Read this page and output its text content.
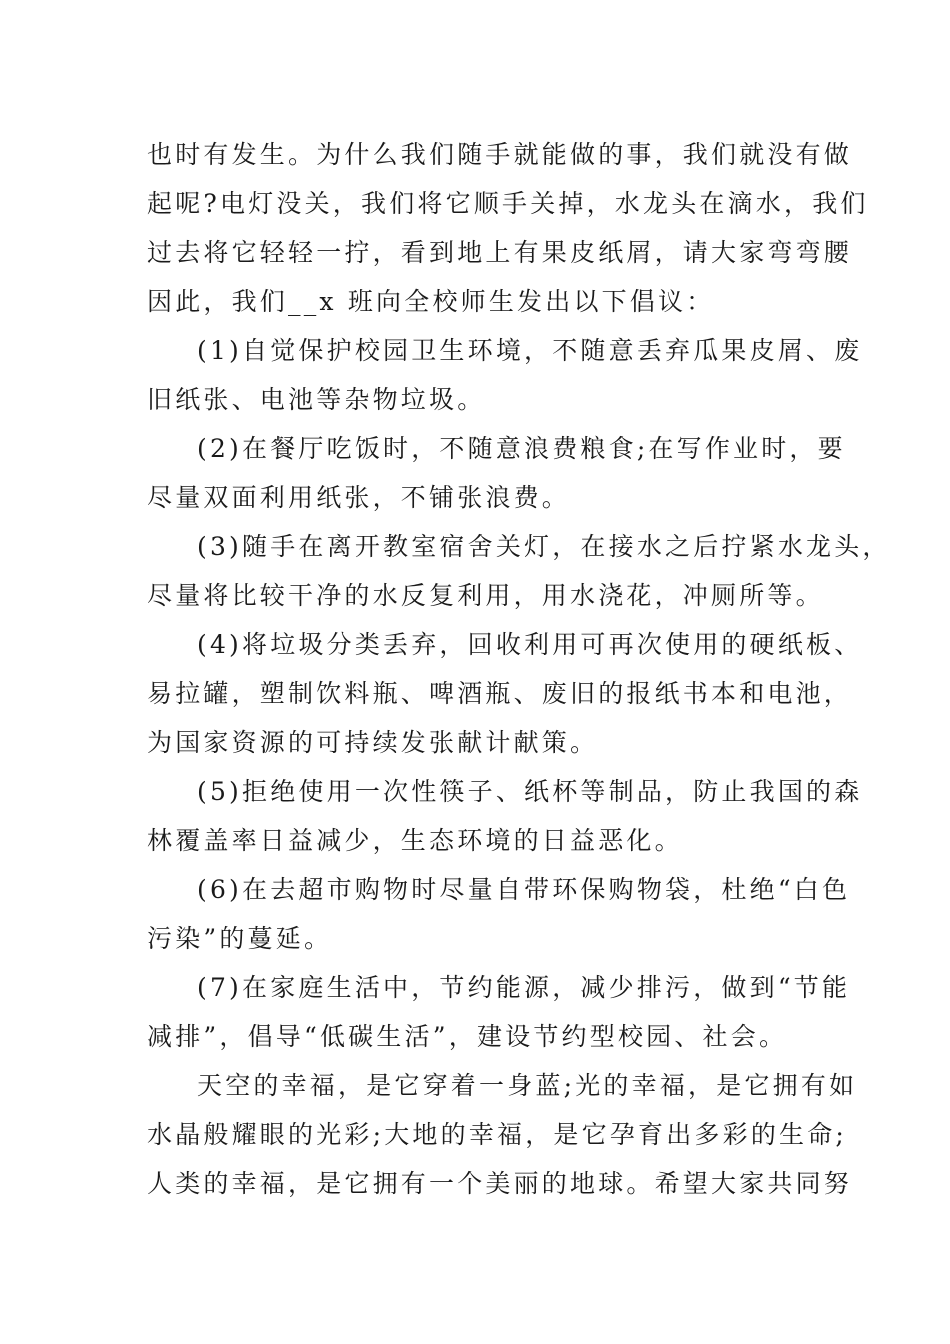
也时有发生。为什么我们随手就能做的事，我们就没有做
起呢?电灯没关，我们将它顺手关掉，水龙头在滴水，我们
过去将它轻轻一拧，看到地上有果皮纸屑，请大家弯弯腰
因此，我们__x 班向全校师生发出以下倡议：
(1)自觉保护校园卫生环境，不随意丢弃瓜果皮屑、废
旧纸张、电池等杂物垃圾。
(2)在餐厅吃饭时，不随意浪费粮食;在写作业时，要
尽量双面利用纸张，不铺张浪费。
(3)随手在离开教室宿舍关灯，在接水之后拧紧水龙头，
尽量将比较干净的水反复利用，用水浇花，冲厕所等。
(4)将垃圾分类丢弃，回收利用可再次使用的硬纸板、
易拉罐，塑制饮料瓶、啤酒瓶、废旧的报纸书本和电池，
为国家资源的可持续发张献计献策。
(5)拒绝使用一次性筷子、纸杯等制品，防止我国的森
林覆盖率日益减少，生态环境的日益恶化。
(6)在去超市购物时尽量自带环保购物袋，杜绝“白色
污染”的蔓延。
(7)在家庭生活中，节约能源，减少排污，做到“节能
减排”，倡导“低碳生活”，建设节约型校园、社会。
天空的幸福，是它穿着一身蓝;光的幸福，是它拥有如
水晶般耀眼的光彩;大地的幸福，是它孕育出多彩的生命;
人类的幸福，是它拥有一个美丽的地球。希望大家共同努
